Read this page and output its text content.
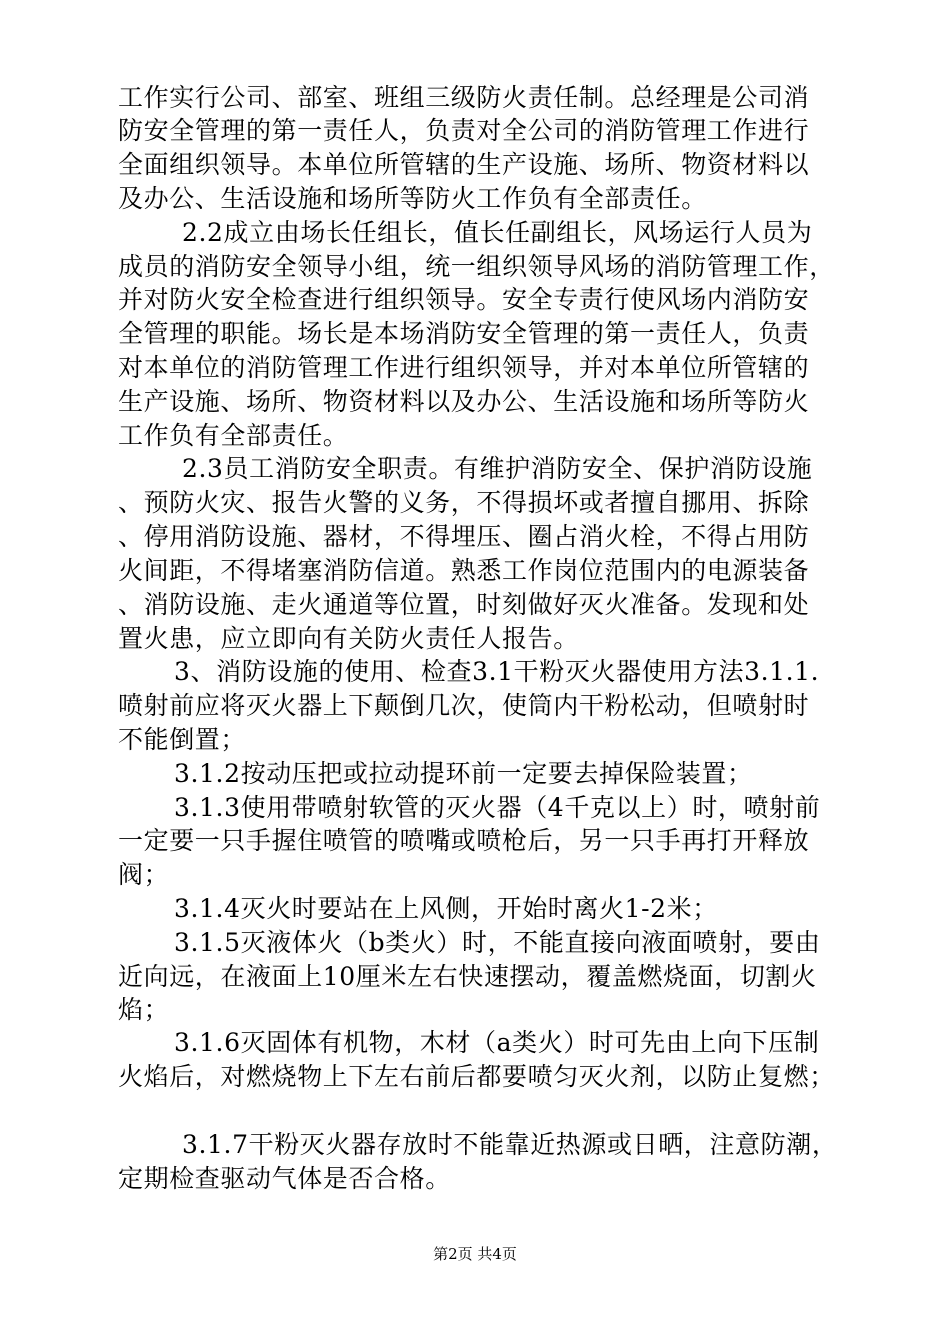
工作实行公司、部室、班组三级防火责任制。总经理是公司消
防安全管理的第一责任人，负责对全公司的消防管理工作进行
全面组织领导。本单位所管辖的生产设施、场所、物资材料以
及办公、生活设施和场所等防火工作负有全部责任。
2.2成立由场长任组长，值长任副组长，风场运行人员为
成员的消防安全领导小组，统一组织领导风场的消防管理工作，
并对防火安全检查进行组织领导。安全专责行使风场内消防安
全管理的职能。场长是本场消防安全管理的第一责任人，负责
对本单位的消防管理工作进行组织领导，并对本单位所管辖的
生产设施、场所、物资材料以及办公、生活设施和场所等防火
工作负有全部责任。
2.3员工消防安全职责。有维护消防安全、保护消防设施
、预防火灾、报告火警的义务，不得损坏或者擅自挪用、拆除
、停用消防设施、器材，不得埋压、圈占消火栓，不得占用防
火间距，不得堵塞消防信道。熟悉工作岗位范围内的电源装备
、消防设施、走火通道等位置，时刻做好灭火准备。发现和处
置火患，应立即向有关防火责任人报告。
3、消防设施的使用、检查3.1干粉灭火器使用方法3.1.1.
喷射前应将灭火器上下颠倒几次，使筒内干粉松动，但喷射时
不能倒置；
3.1.2按动压把或拉动提环前一定要去掉保险装置；
3.1.3使用带喷射软管的灭火器（4千克以上）时，喷射前
一定要一只手握住喷管的喷嘴或喷枪后，另一只手再打开释放
阀；
3.1.4灭火时要站在上风侧，开始时离火1-2米；
3.1.5灭液体火（b类火）时，不能直接向液面喷射，要由
近向远，在液面上10厘米左右快速摆动，覆盖燃烧面，切割火
焰；
3.1.6灭固体有机物，木材（a类火）时可先由上向下压制
火焰后，对燃烧物上下左右前后都要喷匀灭火剂，以防止复燃；
3.1.7干粉灭火器存放时不能靠近热源或日晒，注意防潮，
定期检查驱动气体是否合格。
第2页 共4页
